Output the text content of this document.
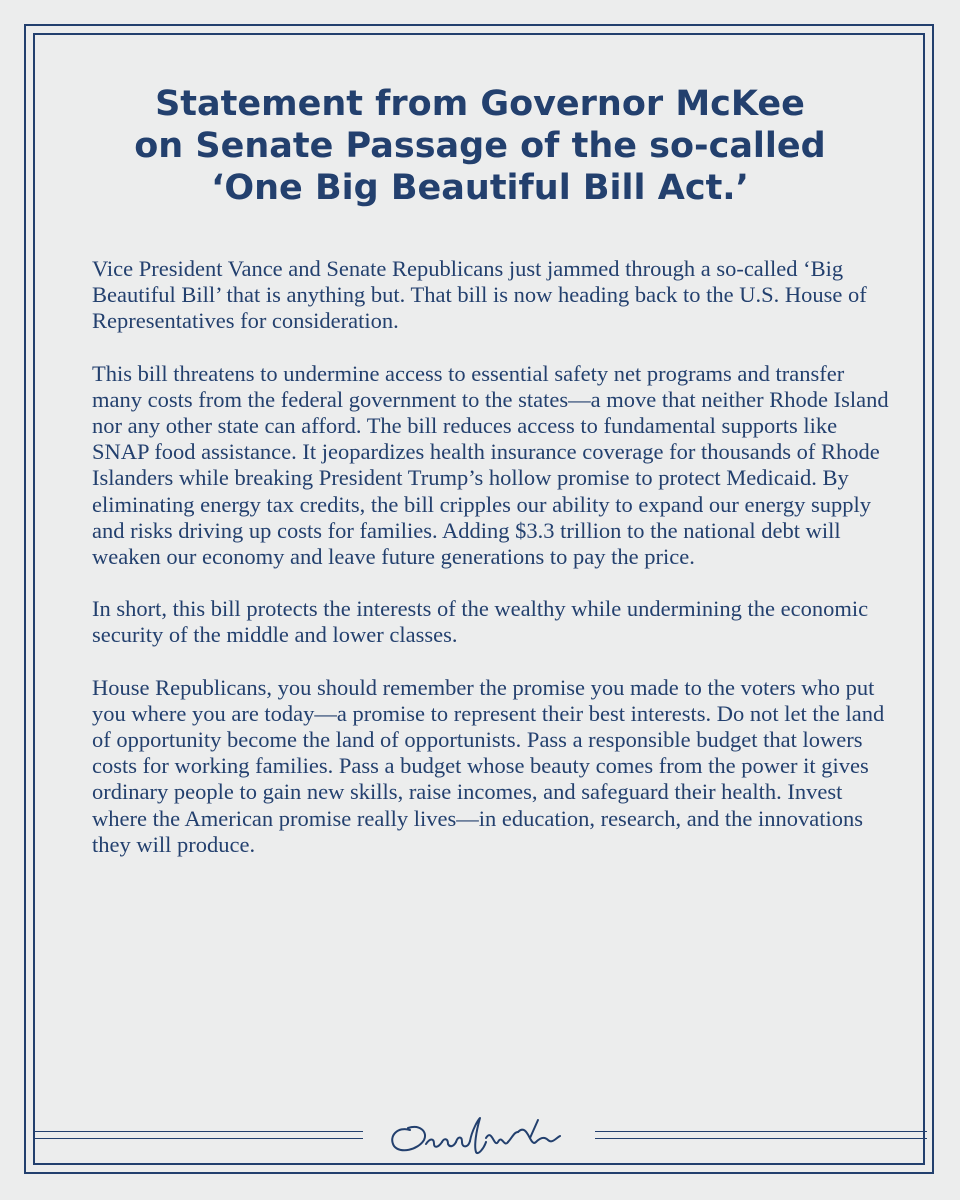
Statement from Governor McKee
on Senate Passage of the so-called
‘One Big Beautiful Bill Act.’

Vice President Vance and Senate Republicans just jammed through a so-called ‘Big Beautiful Bill’ that is anything but. That bill is now heading back to the U.S. House of Representatives for consideration.

This bill threatens to undermine access to essential safety net programs and transfer many costs from the federal government to the states—a move that neither Rhode Island nor any other state can afford. The bill reduces access to fundamental supports like SNAP food assistance. It jeopardizes health insurance coverage for thousands of Rhode Islanders while breaking President Trump’s hollow promise to protect Medicaid. By eliminating energy tax credits, the bill cripples our ability to expand our energy supply and risks driving up costs for families. Adding $3.3 trillion to the national debt will weaken our economy and leave future generations to pay the price.

In short, this bill protects the interests of the wealthy while undermining the economic security of the middle and lower classes.

House Republicans, you should remember the promise you made to the voters who put you where you are today—a promise to represent their best interests. Do not let the land of opportunity become the land of opportunists. Pass a responsible budget that lowers costs for working families. Pass a budget whose beauty comes from the power it gives ordinary people to gain new skills, raise incomes, and safeguard their health. Invest where the American promise really lives—in education, research, and the innovations they will produce.
